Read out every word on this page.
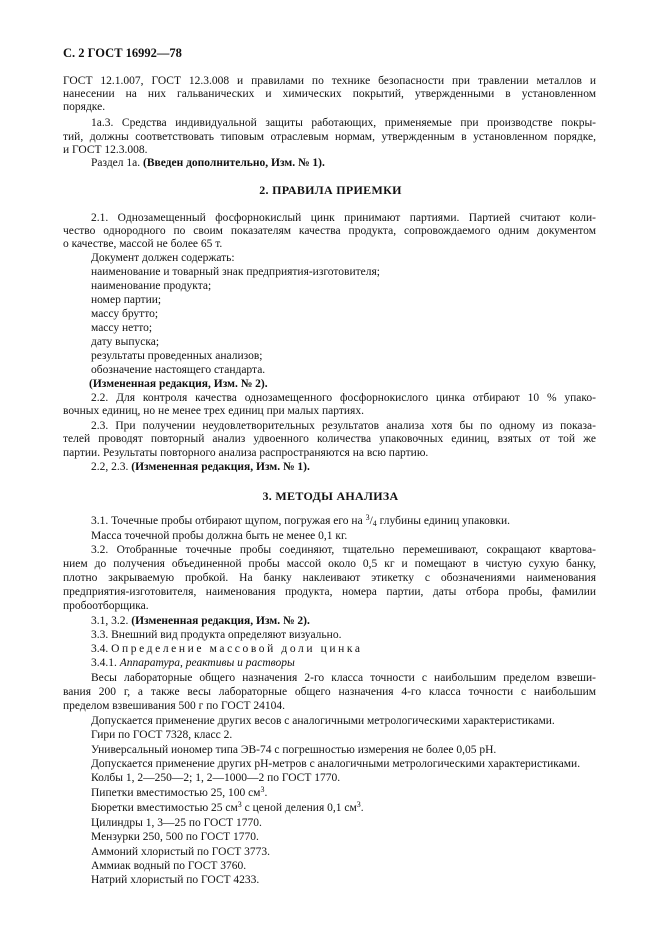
С. 2 ГОСТ 16992—78
ГОСТ 12.1.007, ГОСТ 12.3.008 и правилами по технике безопасности при травлении металлов и
нанесении на них гальванических и химических покрытий, утвержденными в установленном
порядке.
1а.3. Средства индивидуальной защиты работающих, применяемые при производстве покры-
тий, должны соответствовать типовым отраслевым нормам, утвержденным в установленном порядке,
и ГОСТ 12.3.008.
Раздел 1а. (Введен дополнительно, Изм. № 1).
2. ПРАВИЛА ПРИЕМКИ
2.1. Однозамещенный фосфорнокислый цинк принимают партиями. Партией считают коли-
чество однородного по своим показателям качества продукта, сопровождаемого одним документом
о качестве, массой не более 65 т.
Документ должен содержать:
наименование и товарный знак предприятия-изготовителя;
наименование продукта;
номер партии;
массу брутто;
массу нетто;
дату выпуска;
результаты проведенных анализов;
обозначение настоящего стандарта.
(Измененная редакция, Изм. № 2).
2.2. Для контроля качества однозамещенного фосфорнокислого цинка отбирают 10 % упако-
вочных единиц, но не менее трех единиц при малых партиях.
2.3. При получении неудовлетворительных результатов анализа хотя бы по одному из показа-
телей проводят повторный анализ удвоенного количества упаковочных единиц, взятых от той же
партии. Результаты повторного анализа распространяются на всю партию.
2.2, 2.3. (Измененная редакция, Изм. № 1).
3. МЕТОДЫ АНАЛИЗА
3.1. Точечные пробы отбирают щупом, погружая его на $^3/_4$ глубины единиц упаковки.
Масса точечной пробы должна быть не менее 0,1 кг.
3.2. Отобранные точечные пробы соединяют, тщательно перемешивают, сокращают квартова-
нием до получения объединенной пробы массой около 0,5 кг и помещают в чистую сухую банку,
плотно закрываемую пробкой. На банку наклеивают этикетку с обозначениями наименования
предприятия-изготовителя, наименования продукта, номера партии, даты отбора пробы, фамилии
пробоотборщика.
3.1, 3.2. (Измененная редакция, Изм. № 2).
3.3. Внешний вид продукта определяют визуально.
3.4. Определение массовой доли цинка
3.4.1. Аппаратура, реактивы и растворы
Весы лабораторные общего назначения 2-го класса точности с наибольшим пределом взвеши-
вания 200 г, а также весы лабораторные общего назначения 4-го класса точности с наибольшим
пределом взвешивания 500 г по ГОСТ 24104.
Допускается применение других весов с аналогичными метрологическими характеристиками.
Гири по ГОСТ 7328, класс 2.
Универсальный иономер типа ЭВ-74 с погрешностью измерения не более 0,05 pH.
Допускается применение других pH-метров с аналогичными метрологическими характеристиками.
Колбы 1, 2—250—2; 1, 2—1000—2 по ГОСТ 1770.
Пипетки вместимостью 25, 100 $см^3$.
Бюретки вместимостью 25 $см^3$ с ценой деления 0,1 $см^3$.
Цилиндры 1, 3—25 по ГОСТ 1770.
Мензурки 250, 500 по ГОСТ 1770.
Аммоний хлористый по ГОСТ 3773.
Аммиак водный по ГОСТ 3760.
Натрий хлористый по ГОСТ 4233.
